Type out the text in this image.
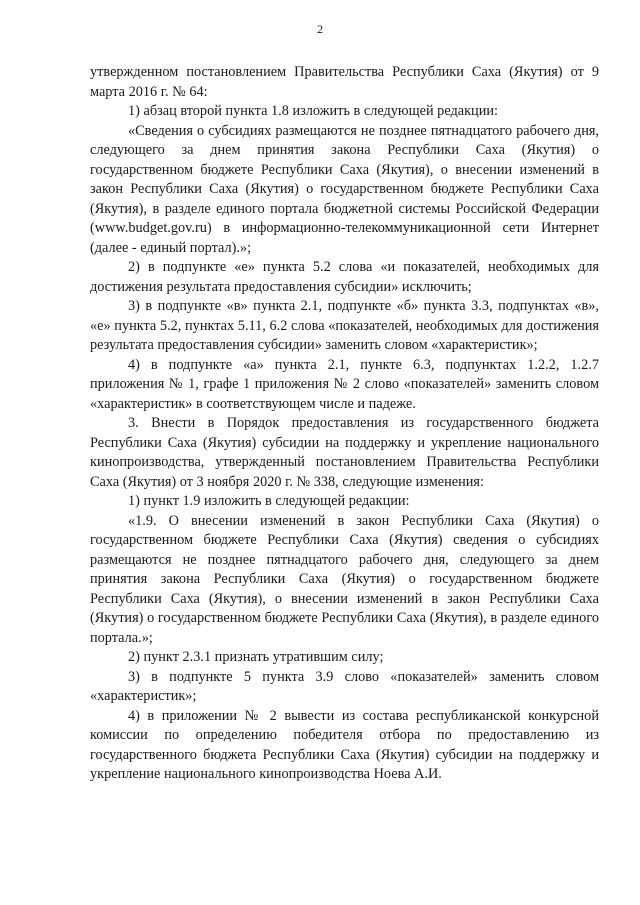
2

утвержденном постановлением Правительства Республики Саха (Якутия) от 9 марта 2016 г. № 64:

1) абзац второй пункта 1.8 изложить в следующей редакции:

«Сведения о субсидиях размещаются не позднее пятнадцатого рабочего дня, следующего за днем принятия закона Республики Саха (Якутия) о государственном бюджете Республики Саха (Якутия), о внесении изменений в закон Республики Саха (Якутия) о государственном бюджете Республики Саха (Якутия), в разделе единого портала бюджетной системы Российской Федерации (www.budget.gov.ru) в информационно-телекоммуникационной сети Интернет (далее - единый портал).»;

2) в подпункте «е» пункта 5.2 слова «и показателей, необходимых для достижения результата предоставления субсидии» исключить;

3) в подпункте «в» пункта 2.1, подпункте «б» пункта 3.3, подпунктах «в», «е» пункта 5.2, пунктах 5.11, 6.2 слова «показателей, необходимых для достижения результата предоставления субсидии» заменить словом «характеристик»;

4) в подпункте «а» пункта 2.1, пункте 6.3, подпунктах 1.2.2, 1.2.7 приложения № 1, графе 1 приложения № 2 слово «показателей» заменить словом «характеристик» в соответствующем числе и падеже.

3. Внести в Порядок предоставления из государственного бюджета Республики Саха (Якутия) субсидии на поддержку и укрепление национального кинопроизводства, утвержденный постановлением Правительства Республики Саха (Якутия) от 3 ноября 2020 г. № 338, следующие изменения:

1) пункт 1.9 изложить в следующей редакции:

«1.9. О внесении изменений в закон Республики Саха (Якутия) о государственном бюджете Республики Саха (Якутия) сведения о субсидиях размещаются не позднее пятнадцатого рабочего дня, следующего за днем принятия закона Республики Саха (Якутия) о государственном бюджете Республики Саха (Якутия), о внесении изменений в закон Республики Саха (Якутия) о государственном бюджете Республики Саха (Якутия), в разделе единого портала.»;

2) пункт 2.3.1 признать утратившим силу;

3) в подпункте 5 пункта 3.9 слово «показателей» заменить словом «характеристик»;

4) в приложении № 2 вывести из состава республиканской конкурсной комиссии по определению победителя отбора по предоставлению из государственного бюджета Республики Саха (Якутия) субсидии на поддержку и укрепление национального кинопроизводства Ноева А.И.
